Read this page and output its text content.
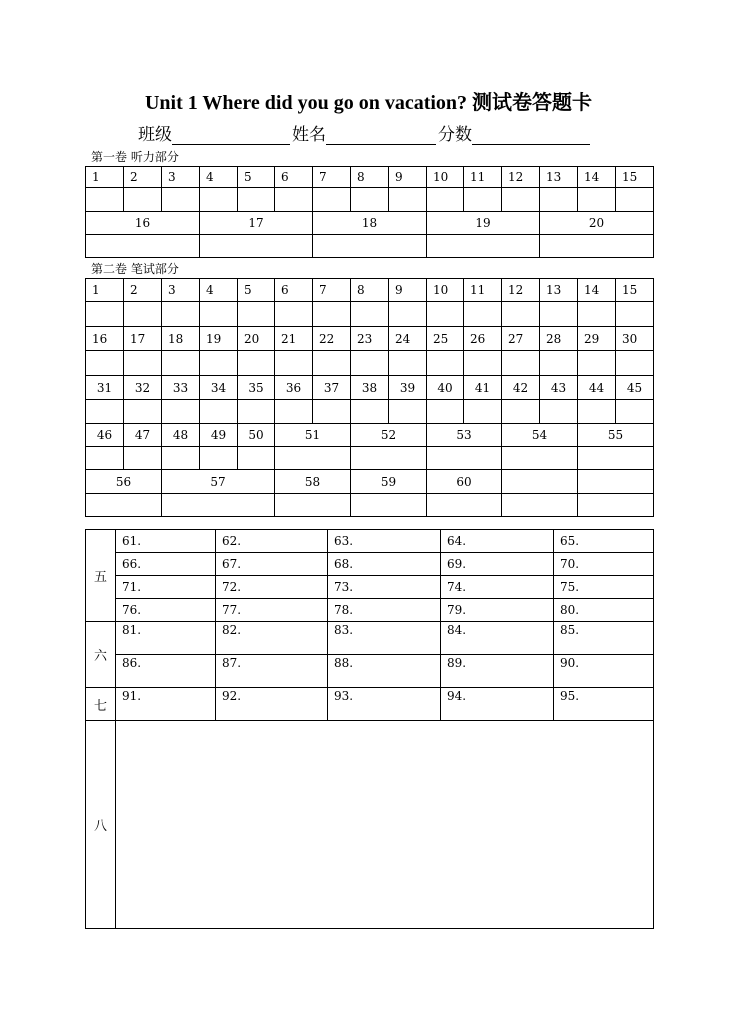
Unit 1 Where did you go on vacation? 测试卷答题卡
班级	姓名	分数
第一卷 听力部分
1	2	3	4	5	6	7	8	9	10	11	12	13	14	15

16			17			18			19			20		

第二卷 笔试部分
1	2	3	4	5	6	7	8	9	10	11	12	13	14	15

16	17	18	19	20	21	22	23	24	25	26	27	28	29	30

31	32	33	34	35	36	37	38	39	40	41	42	43	44	45

46	47	48	49	50	51		52		53		54		55	

56		57			58		59		60					

五	61.	62.	63.	64.	65.
	66.	67.	68.	69.	70.
	71.	72.	73.	74.	75.
	76.	77.	78.	79.	80.
六	81.	82.	83.	84.	85.
	86.	87.	88.	89.	90.
七	91.	92.	93.	94.	95.
八					
